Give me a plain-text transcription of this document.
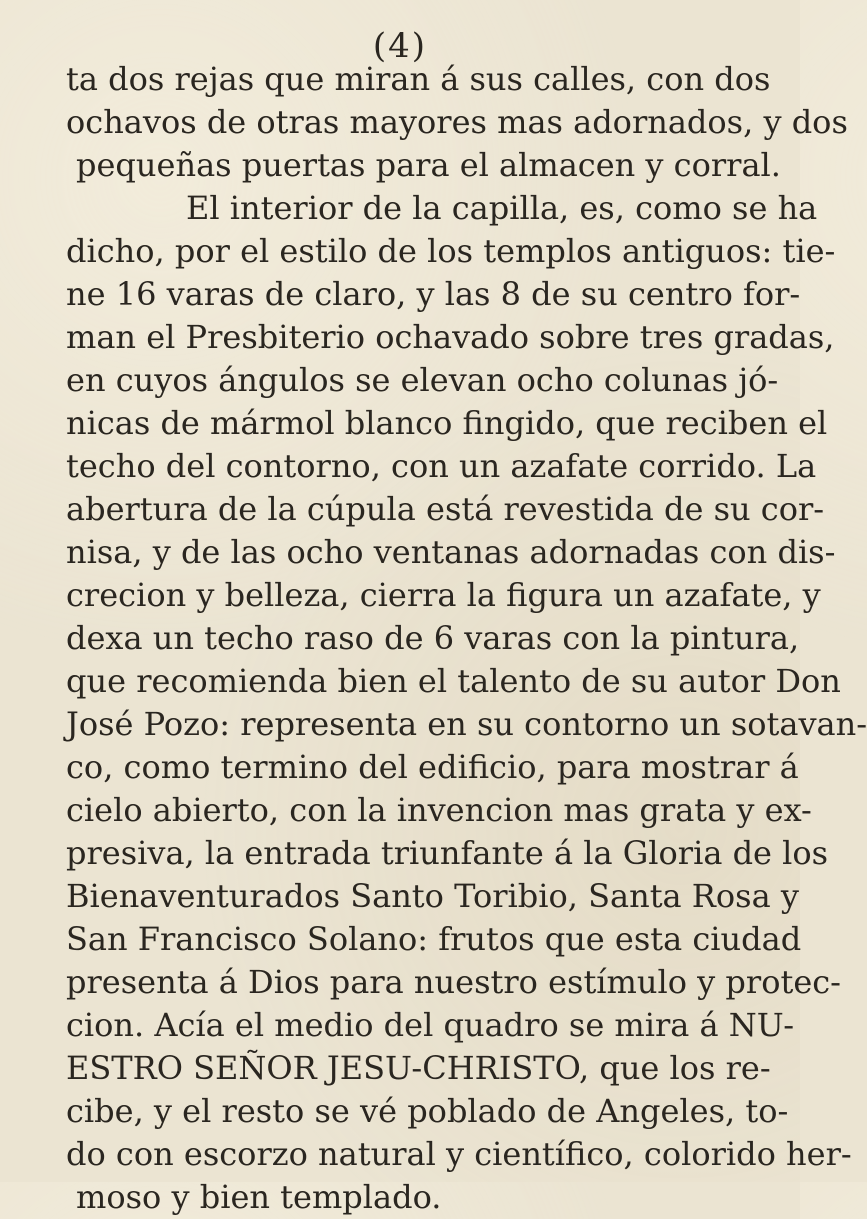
(4)
ta dos rejas que miran á sus calles, con dos
ochavos de otras mayores mas adornados, y dos
pequeñas puertas para el almacen y corral.
El interior de la capilla, es, como se ha
dicho, por el estilo de los templos antiguos: tie-
ne 16 varas de claro, y las 8 de su centro for-
man el Presbiterio ochavado sobre tres gradas,
en cuyos ángulos se elevan ocho colunas jó-
nicas de mármol blanco fingido, que reciben el
techo del contorno, con un azafate corrido. La
abertura de la cúpula está revestida de su cor-
nisa, y de las ocho ventanas adornadas con dis-
crecion y belleza, cierra la figura un azafate, y
dexa un techo raso de 6 varas con la pintura,
que recomienda bien el talento de su autor Don
José Pozo: representa en su contorno un sotavan-
co, como termino del edificio, para mostrar á
cielo abierto, con la invencion mas grata y ex-
presiva, la entrada triunfante á la Gloria de los
Bienaventurados Santo Toribio, Santa Rosa y
San Francisco Solano: frutos que esta ciudad
presenta á Dios para nuestro estímulo y protec-
cion. Acía el medio del quadro se mira á NU-
ESTRO SEÑOR JESU-CHRISTO, que los re-
cibe, y el resto se vé poblado de Angeles, to-
do con escorzo natural y científico, colorido her-
moso y bien templado.
